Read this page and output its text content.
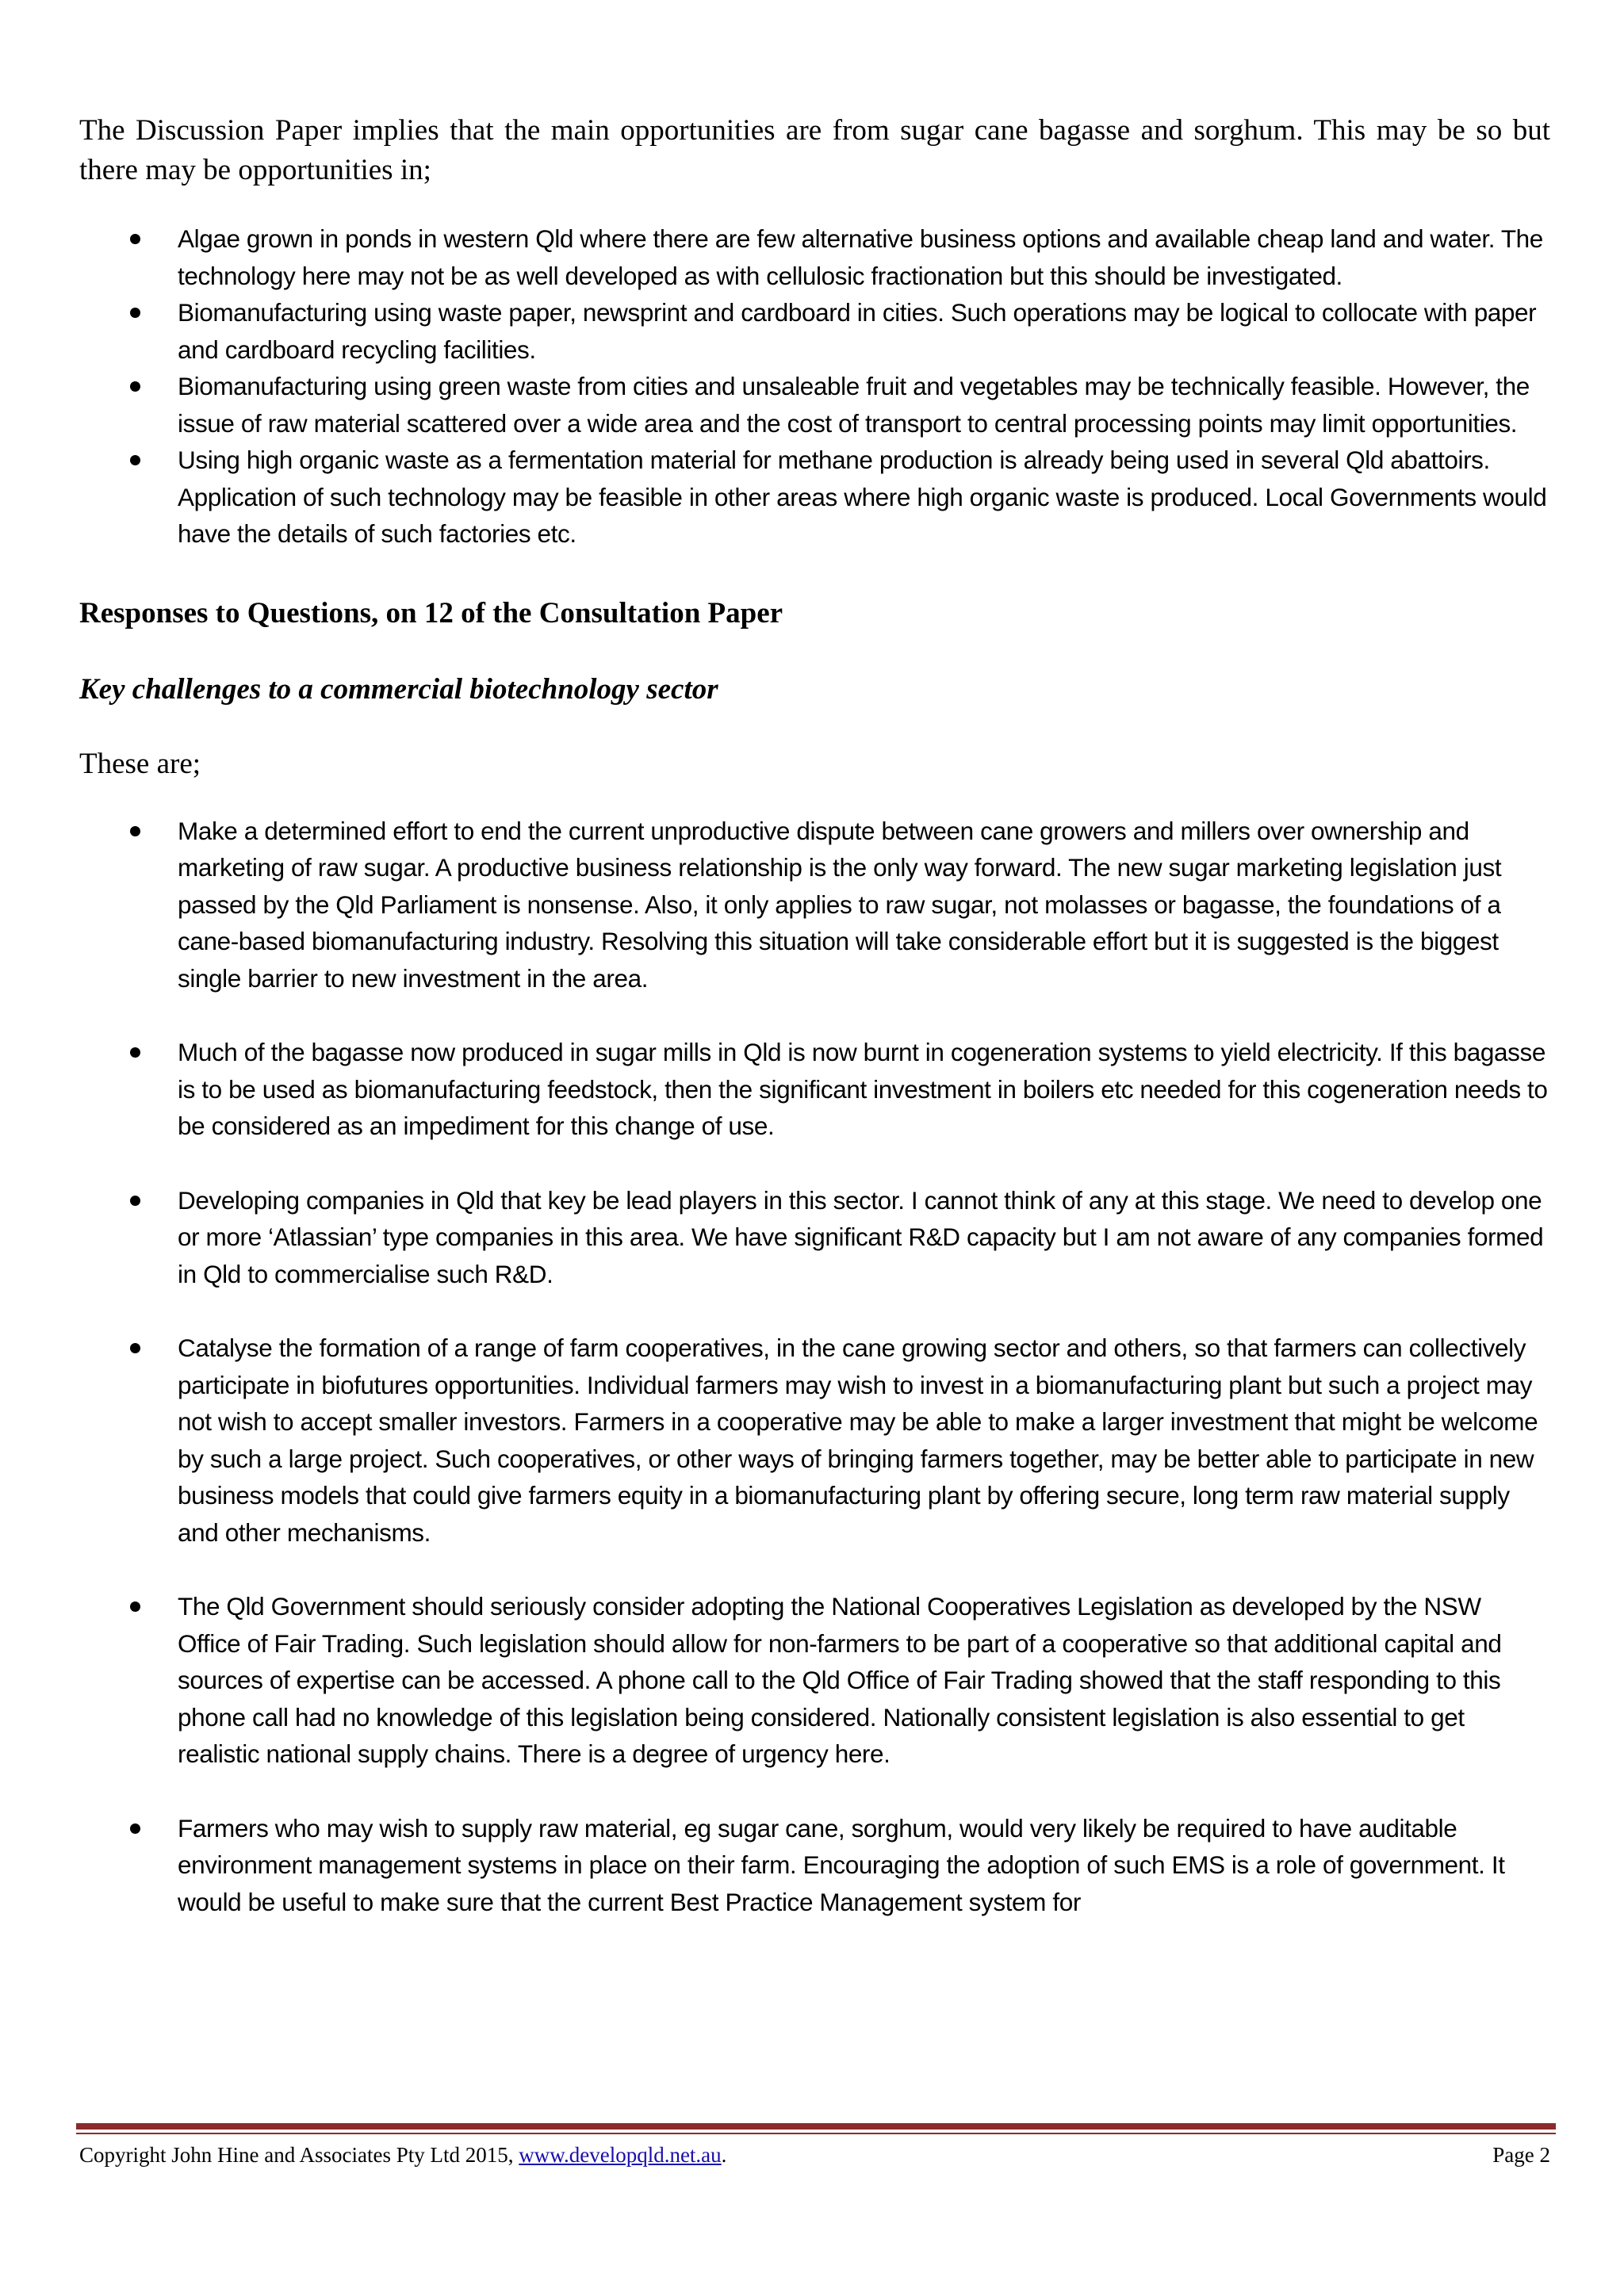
The Discussion Paper implies that the main opportunities are from sugar cane bagasse and sorghum. This may be so but there may be opportunities in;

Algae grown in ponds in western Qld where there are few alternative business options and available cheap land and water. The technology here may not be as well developed as with cellulosic fractionation but this should be investigated.
Biomanufacturing using waste paper, newsprint and cardboard in cities. Such operations may be logical to collocate with paper and cardboard recycling facilities.
Biomanufacturing using green waste from cities and unsaleable fruit and vegetables may be technically feasible. However, the issue of raw material scattered over a wide area and the cost of transport to central processing points may limit opportunities.
Using high organic waste as a fermentation material for methane production is already being used in several Qld abattoirs. Application of such technology may be feasible in other areas where high organic waste is produced. Local Governments would have the details of such factories etc.
Responses to Questions, on 12 of the Consultation Paper
Key challenges to a commercial biotechnology sector
These are;
Make a determined effort to end the current unproductive dispute between cane growers and millers over ownership and marketing of raw sugar. A productive business relationship is the only way forward. The new sugar marketing legislation just passed by the Qld Parliament is nonsense. Also, it only applies to raw sugar, not molasses or bagasse, the foundations of a cane-based biomanufacturing industry. Resolving this situation will take considerable effort but it is suggested is the biggest single barrier to new investment in the area.
Much of the bagasse now produced in sugar mills in Qld is now burnt in cogeneration systems to yield electricity. If this bagasse is to be used as biomanufacturing feedstock, then the significant investment in boilers etc needed for this cogeneration needs to be considered as an impediment for this change of use.
Developing companies in Qld that key be lead players in this sector. I cannot think of any at this stage. We need to develop one or more ‘Atlassian’ type companies in this area. We have significant R&D capacity but I am not aware of any companies formed in Qld to commercialise such R&D.
Catalyse the formation of a range of farm cooperatives, in the cane growing sector and others, so that farmers can collectively participate in biofutures opportunities. Individual farmers may wish to invest in a biomanufacturing plant but such a project may not wish to accept smaller investors. Farmers in a cooperative may be able to make a larger investment that might be welcome by such a large project. Such cooperatives, or other ways of bringing farmers together, may be better able to participate in new business models that could give farmers equity in a biomanufacturing plant by offering secure, long term raw material supply and other mechanisms.
The Qld Government should seriously consider adopting the National Cooperatives Legislation as developed by the NSW Office of Fair Trading. Such legislation should allow for non-farmers to be part of a cooperative so that additional capital and sources of expertise can be accessed. A phone call to the Qld Office of Fair Trading showed that the staff responding to this phone call had no knowledge of this legislation being considered. Nationally consistent legislation is also essential to get realistic national supply chains. There is a degree of urgency here.
Farmers who may wish to supply raw material, eg sugar cane, sorghum, would very likely be required to have auditable environment management systems in place on their farm. Encouraging the adoption of such EMS is a role of government. It would be useful to make sure that the current Best Practice Management system for
Copyright John Hine and Associates Pty Ltd 2015, www.developqld.net.au.	Page 2
